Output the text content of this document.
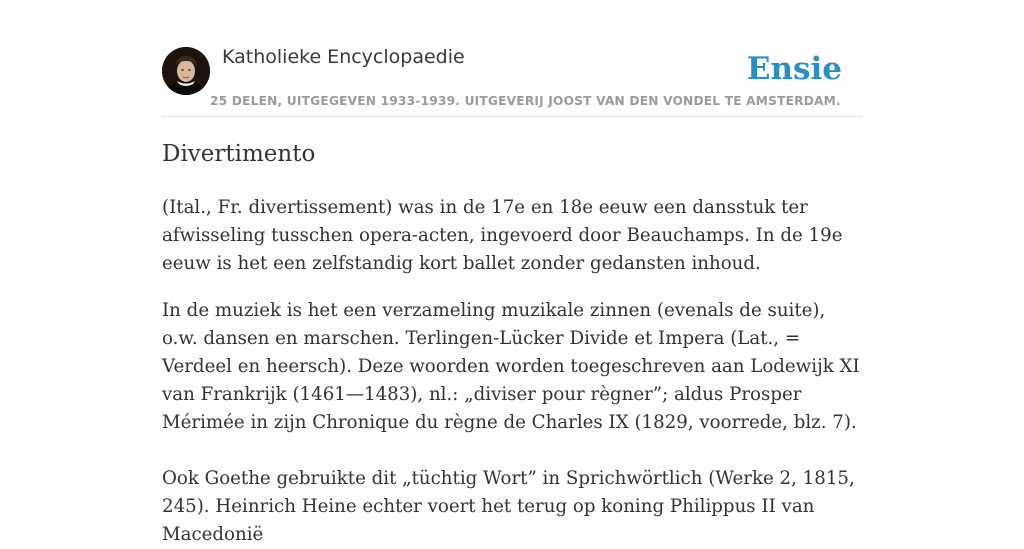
Katholieke Encyclopaedie
25 DELEN, UITGEGEVEN 1933-1939. UITGEVERIJ JOOST VAN DEN VONDEL TE AMSTERDAM.
Ensie
Divertimento

(Ital., Fr. divertissement) was in de 17e en 18e eeuw een dansstuk ter afwisseling tusschen opera-acten, ingevoerd door Beauchamps. In de 19e eeuw is het een zelfstandig kort ballet zonder gedansten inhoud.

In de muziek is het een verzameling muzikale zinnen (evenals de suite), o.w. dansen en marschen. Terlingen-Lücker Divide et Impera (Lat., = Verdeel en heersch). Deze woorden worden toegeschreven aan Lodewijk XI van Frankrijk (1461—1483), nl.: „diviser pour règner”; aldus Prosper Mérimée in zijn Chronique du règne de Charles IX (1829, voorrede, blz. 7).

Ook Goethe gebruikte dit „tüchtig Wort” in Sprichwörtlich (Werke 2, 1815, 245). Heinrich Heine echter voert het terug op koning Philippus II van Macedonië
